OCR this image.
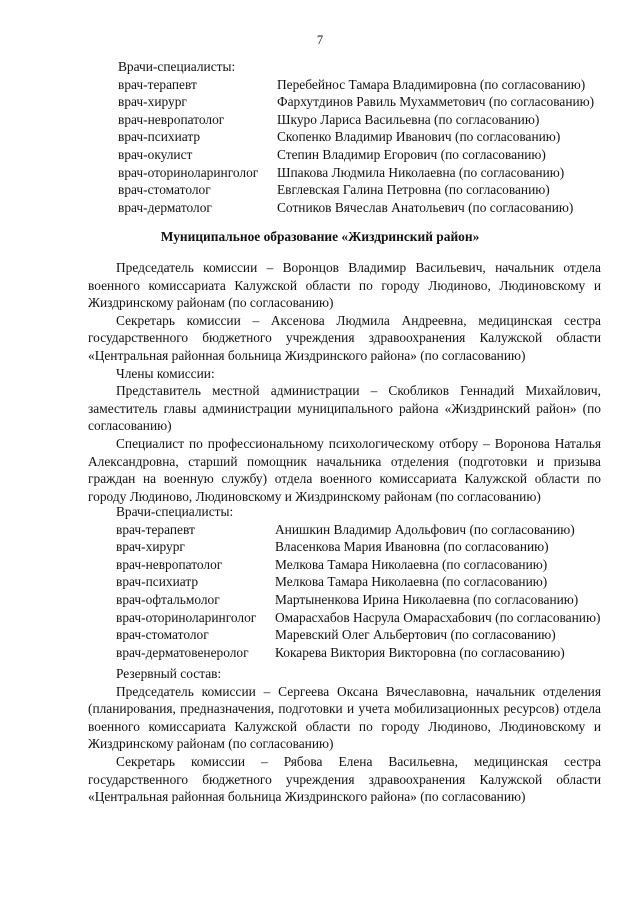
7
Врачи-специалисты:
врач-терапевт	Перебейнос Тамара Владимировна (по согласованию)
врач-хирург	Фархутдинов Равиль Мухамметович (по согласованию)
врач-невропатолог	Шкуро Лариса Васильевна (по согласованию)
врач-психиатр	Скопенко Владимир Иванович (по согласованию)
врач-окулист	Степин Владимир Егорович (по согласованию)
врач-оториноларинголог	Шпакова Людмила Николаевна (по согласованию)
врач-стоматолог	Евглевская Галина Петровна (по согласованию)
врач-дерматолог	Сотников Вячеслав Анатольевич (по согласованию)
Муниципальное образование «Жиздринский район»

Председатель комиссии – Воронцов Владимир Васильевич, начальник отдела военного комиссариата Калужской области по городу Людиново, Людиновскому и Жиздринскому районам (по согласованию)

Секретарь комиссии – Аксенова Людмила Андреевна, медицинская сестра государственного бюджетного учреждения здравоохранения Калужской области «Центральная районная больница Жиздринского района» (по согласованию)

Члены комиссии:

Представитель местной администрации – Скобликов Геннадий Михайлович, заместитель главы администрации муниципального района «Жиздринский район» (по согласованию)

Специалист по профессиональному психологическому отбору – Воронова Наталья Александровна, старший помощник начальника отделения (подготовки и призыва граждан на военную службу) отдела военного комиссариата Калужской области по городу Людиново, Людиновскому и Жиздринскому районам (по согласованию)

Врачи-специалисты:
врач-терапевт	Анишкин Владимир Адольфович (по согласованию)
врач-хирург	Власенкова Мария Ивановна (по согласованию)
врач-невропатолог	Мелкова Тамара Николаевна (по согласованию)
врач-психиатр	Мелкова Тамара Николаевна (по согласованию)
врач-офтальмолог	Мартыненкова Ирина Николаевна (по согласованию)
врач-оториноларинголог	Омарасхабов Насрула Омарасхабович (по согласованию)
врач-стоматолог	Маревский Олег Альбертович (по согласованию)
врач-дерматовенеролог	Кокарева Виктория Викторовна (по согласованию)

Резервный состав:

Председатель комиссии – Сергеева Оксана Вячеславовна, начальник отделения (планирования, предназначения, подготовки и учета мобилизационных ресурсов) отдела военного комиссариата Калужской области по городу Людиново, Людиновскому и Жиздринскому районам (по согласованию)

Секретарь комиссии – Рябова Елена Васильевна, медицинская сестра государственного бюджетного учреждения здравоохранения Калужской области «Центральная районная больница Жиздринского района» (по согласованию)
